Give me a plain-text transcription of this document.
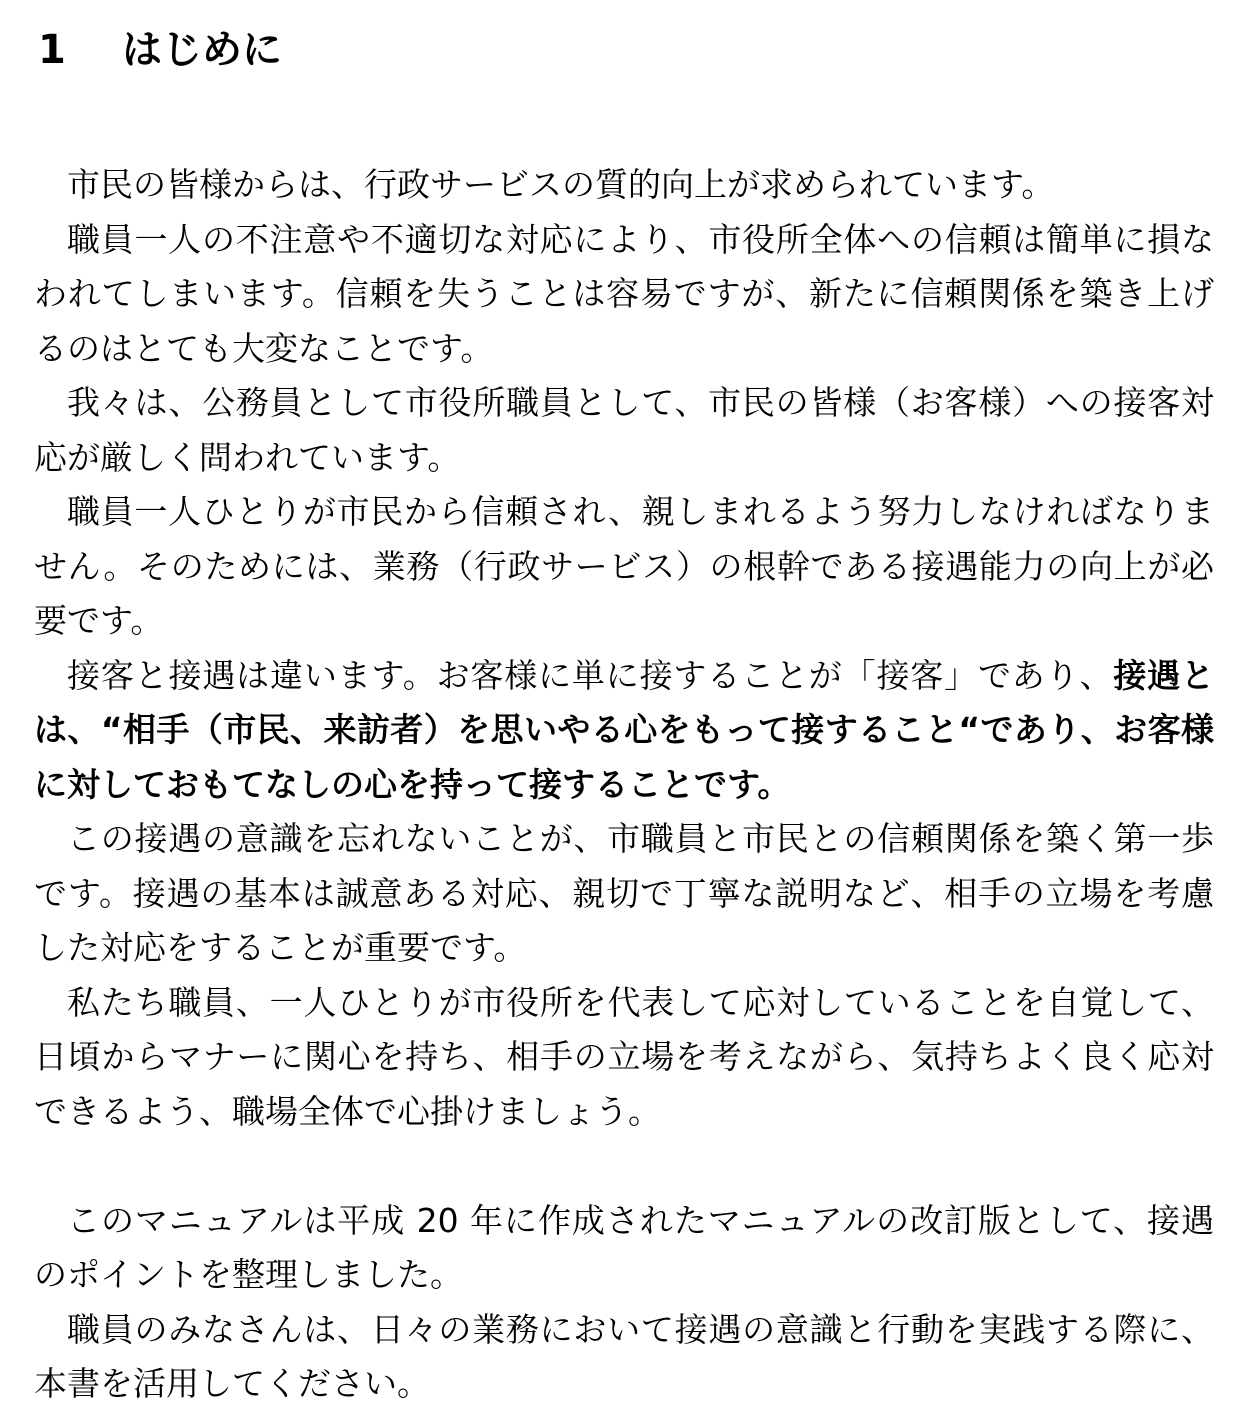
1 はじめに

市民の皆様からは、行政サービスの質的向上が求められています。

職員一人の不注意や不適切な対応により、市役所全体への信頼は簡単に損なわれてしまいます。信頼を失うことは容易ですが、新たに信頼関係を築き上げるのはとても大変なことです。

我々は、公務員として市役所職員として、市民の皆様（お客様）への接客対応が厳しく問われています。

職員一人ひとりが市民から信頼され、親しまれるよう努力しなければなりません。そのためには、業務（行政サービス）の根幹である接遇能力の向上が必要です。

接客と接遇は違います。お客様に単に接することが「接客」であり、接遇とは、“相手（市民、来訪者）を思いやる心をもって接すること“であり、お客様に対しておもてなしの心を持って接することです。

この接遇の意識を忘れないことが、市職員と市民との信頼関係を築く第一歩です。接遇の基本は誠意ある対応、親切で丁寧な説明など、相手の立場を考慮した対応をすることが重要です。

私たち職員、一人ひとりが市役所を代表して応対していることを自覚して、日頃からマナーに関心を持ち、相手の立場を考えながら、気持ちよく良く応対できるよう、職場全体で心掛けましょう。

このマニュアルは平成 20 年に作成されたマニュアルの改訂版として、接遇のポイントを整理しました。

職員のみなさんは、日々の業務において接遇の意識と行動を実践する際に、本書を活用してください。
